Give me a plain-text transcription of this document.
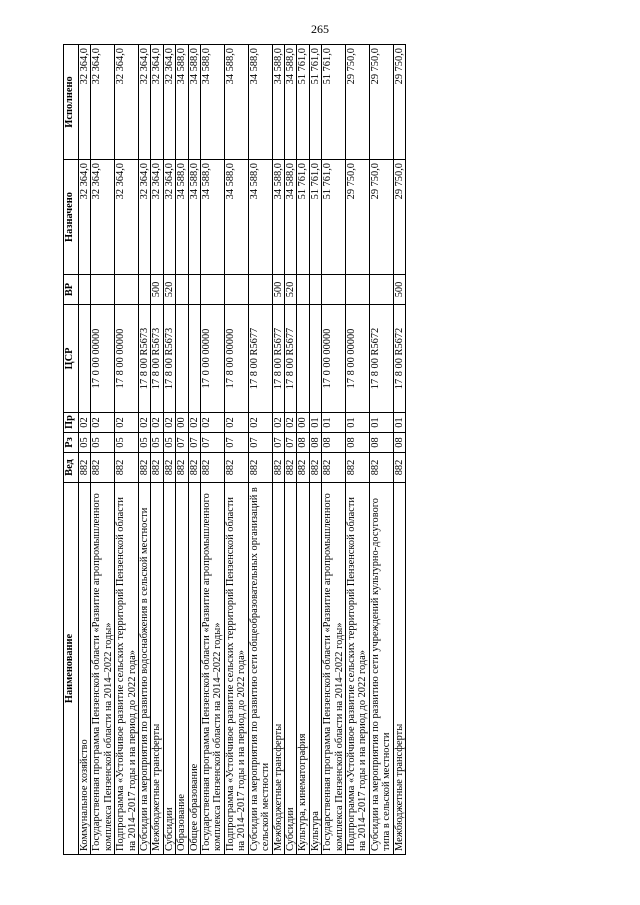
265
Наименование	Вед	Рз	Пр	ЦСР	ВР	Назначено	Исполнено
Коммунальное хозяйство	882	05	02			32 364,0	32 364,0
Государственная программа Пензенской области «Развитие агропромышленного комплекса Пензенской области на 2014–2022 годы»	882	05	02	17 0 00 00000		32 364,0	32 364,0
Подпрограмма «Устойчивое развитие сельских территорий Пензенской области на 2014–2017 годы и на период до 2022 года»	882	05	02	17 8 00 00000		32 364,0	32 364,0
Субсидии на мероприятия по развитию водоснабжения в сельской местности	882	05	02	17 8 00 R5673		32 364,0	32 364,0
Межбюджетные трансферты	882	05	02	17 8 00 R5673	500	32 364,0	32 364,0
Субсидии	882	05	02	17 8 00 R5673	520	32 364,0	32 364,0
Образование	882	07	00			34 588,0	34 588,0
Общее образование	882	07	02			34 588,0	34 588,0
Государственная программа Пензенской области «Развитие агропромышленного комплекса Пензенской области на 2014–2022 годы»	882	07	02	17 0 00 00000		34 588,0	34 588,0
Подпрограмма «Устойчивое развитие сельских территорий Пензенской области на 2014–2017 годы и на период до 2022 года»	882	07	02	17 8 00 00000		34 588,0	34 588,0
Субсидии на мероприятия по развитию сети общеобразовательных организаций в сельской местности	882	07	02	17 8 00 R5677		34 588,0	34 588,0
Межбюджетные трансферты	882	07	02	17 8 00 R5677	500	34 588,0	34 588,0
Субсидии	882	07	02	17 8 00 R5677	520	34 588,0	34 588,0
Культура, кинематография	882	08	00			51 761,0	51 761,0
Культура	882	08	01			51 761,0	51 761,0
Государственная программа Пензенской области «Развитие агропромышленного комплекса Пензенской области на 2014–2022 годы»	882	08	01	17 0 00 00000		51 761,0	51 761,0
Подпрограмма «Устойчивое развитие сельских территорий Пензенской области на 2014–2017 годы и на период до 2022 года»	882	08	01	17 8 00 00000		29 750,0	29 750,0
Субсидии на мероприятия по развитию сети учреждений культурно-досугового типа в сельской местности	882	08	01	17 8 00 R5672		29 750,0	29 750,0
Межбюджетные трансферты	882	08	01	17 8 00 R5672	500	29 750,0	29 750,0
